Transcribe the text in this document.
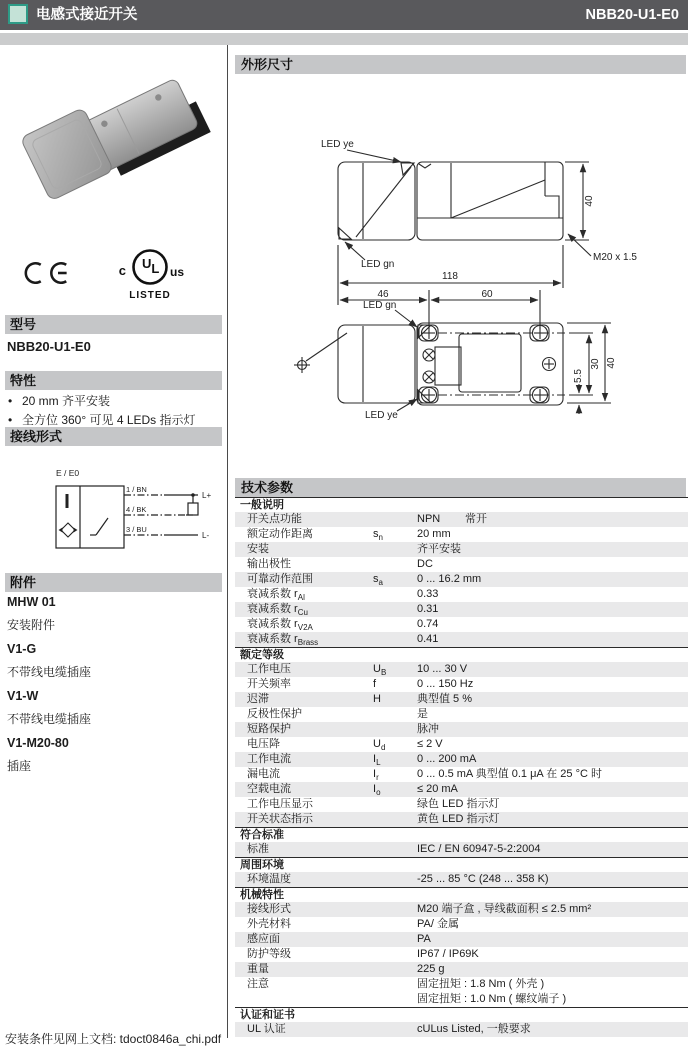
电感式接近开关	NBB20-U1-E0
c UL us
LISTED
型号
NBB20-U1-E0
特性
• 20 mm 齐平安装
• 全方位 360° 可见 4 LEDs 指示灯
接线形式
E / E0
1 / BN
4 / BK
3 / BU
L+
L-
附件
MHW 01
安装附件
V1-G
不带线电缆插座
V1-W
不带线电缆插座
V1-M20-80
插座
安装条件见网上文档: tdoct0846a_chi.pdf
外形尺寸
LED ye
LED gn
M20 x 1.5
118
46	60
40
LED gn
LED ye
40
30
5.5
技术参数
一般说明
开关点功能	NPN 常开
额定动作距离	$s_n$	20 mm
安装	齐平安装
输出极性	DC
可靠动作范围	$s_a$	0 ... 16.2 mm
衰减系数 $r_{Al}$	0.33
衰减系数 $r_{Cu}$	0.31
衰减系数 $r_{V2A}$	0.74
衰减系数 $r_{Brass}$	0.41
额定等级
工作电压	$U_B$	10 ... 30 V
开关频率	f	0 ... 150 Hz
迟滞	H	典型值 5 %
反极性保护	是
短路保护	脉冲
电压降	$U_d$	≤ 2 V
工作电流	$I_L$	0 ... 200 mA
漏电流	$I_r$	0 ... 0.5 mA 典型值 0.1 μA 在 25 °C 时
空载电流	$I_o$	≤ 20 mA
工作电压显示	绿色 LED 指示灯
开关状态指示	黄色 LED 指示灯
符合标准
标准	IEC / EN 60947-5-2:2004
周围环境
环境温度	-25 ... 85 °C (248 ... 358 K)
机械特性
接线形式	M20 端子盒 , 导线截面积 ≤ 2.5 mm²
外壳材料	PA/ 金属
感应面	PA
防护等级	IP67 / IP69K
重量	225 g
注意	固定扭矩 : 1.8 Nm ( 外壳 )
固定扭矩 : 1.0 Nm ( 螺纹端子 )
认证和证书
UL 认证	cULus Listed, 一般要求
